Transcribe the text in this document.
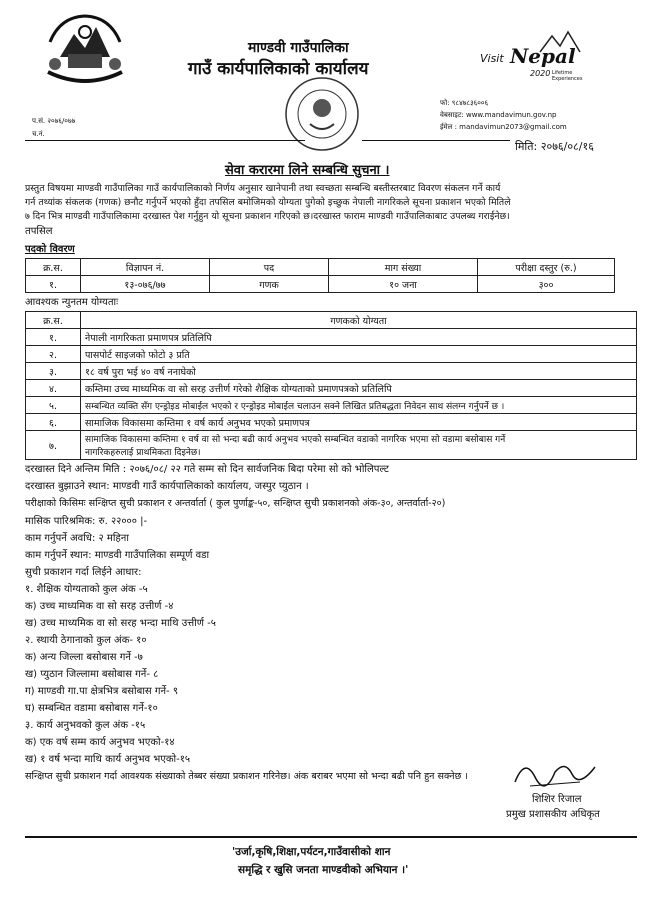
माण्डवी गाउँपालिका
गाउँ कार्यपालिकाको कार्यालय
Visit Nepal
2020 Lifetime Experiences
प.सं. २०७६/०७७
च.नं.
फो: ९८४७८३६००६
वेबसाइट: www.mandavimun.gov.np
ईमेल : mandavimun2073@gmail.com
मिति: २०७६/०८/१६
सेवा करारमा लिने सम्बन्धि सुचना ।
प्रस्तुत विषयमा माण्डवी गाउँपालिका गाउँ कार्यपालिकाको निर्णय अनुसार खानेपानी तथा स्वच्छता सम्बन्धि बस्तीस्तरबाट विवरण संकलन गर्ने कार्य
गर्न तथ्यांक संकलक (गणक) छनौट गर्नुपर्ने भएको हुँदा तपसिल बमोजिमको योग्यता पुगेको इच्छुक नेपाली नागरिकले सूचना प्रकाशन भएको मितिले
७ दिन भित्र माण्डवी गाउँपालिकामा दरखास्त पेश गर्नुहुन यो सूचना प्रकाशन गरिएको छ।दरखास्त फाराम माण्डवी गाउँपालिकाबाट उपलब्ध गराईनेछ।
तपसिल
पदको विवरण
क्र.स.	विज्ञापन नं.	पद	माग संख्या	परीक्षा दस्तुर (रु.)
१.	१३-०७६/७७	गणक	१० जना	३००
आवश्यक न्युनतम योग्यताः
क्र.स.	गणकको योग्यता
१.	नेपाली नागरिकता प्रमाणपत्र प्रतिलिपि
२.	पासपोर्ट साइजको फोटो ३ प्रति
३.	१८ वर्ष पुरा भई ४० वर्ष ननाघेको
४.	कम्तिमा उच्च माध्यमिक वा सो सरह उत्तीर्ण गरेको शैक्षिक योग्यताको प्रमाणपत्रको प्रतिलिपि
५.	सम्बन्धित व्यक्ति सँग एन्ड्रोइड मोबाईल भएको र एन्ड्रोइड मोबाईल चलाउन सक्ने लिखित प्रतिबद्धता निवेदन साथ संलग्न गर्नुपर्ने छ ।
६.	सामाजिक विकासमा कम्तिमा १ वर्ष कार्य अनुभव भएको प्रमाणपत्र
७.	सामाजिक विकासमा कम्तिमा १ वर्ष वा सो भन्दा बढी कार्य अनुभव भएको सम्बन्धित वडाको नागरिक भएमा सो वडामा बसोबास गर्ने
नागरिकहरुलाई प्राथमिकता दिइनेछ।
दरखास्त दिने अन्तिम मिति : २०७६/०८/ २२ गते सम्म सो दिन सार्वजनिक बिदा परेमा सो को भोलिपल्ट
दरखास्त बुझाउने स्थान: माण्डवी गाउँ कार्यपालिकाको कार्यालय, जस्पुर प्युठान ।
परीक्षाको किसिमः सन्क्षिप्त सुची प्रकाशन र अन्तर्वार्ता ( कुल पुर्णाङ्क-५०, सन्क्षिप्त सुची प्रकाशनको अंक-३०, अन्तर्वार्ता-२०)
मासिक पारिश्रमिक: रु. २२००० |-
काम गर्नुपर्ने अवधि: २ महिना
काम गर्नुपर्ने स्थान: माण्डवी गाउँपालिका सम्पूर्ण वडा
सुची प्रकाशन गर्दा लिईने आधार:
१. शैक्षिक योग्यताको कुल अंक -५
क) उच्च माध्यमिक वा सो सरह उत्तीर्ण -४
ख) उच्च माध्यमिक वा सो सरह भन्दा माथि उत्तीर्ण -५
२. स्थायी ठेगानाको कुल अंक- १०
क) अन्य जिल्ला बसोबास गर्ने -७
ख) प्युठान जिल्लामा बसोबास गर्ने- ८
ग) माण्डवी गा.पा क्षेत्रभित्र बसोबास गर्ने- ९
घ) सम्बन्धित वडामा बसोबास गर्ने-१०
३. कार्य अनुभवको कुल अंक -१५
क) एक वर्ष सम्म कार्य अनुभव भएको-१४
ख) १ वर्ष भन्दा माथि कार्य अनुभव भएको-१५
सन्क्षिप्त सुची प्रकाशन गर्दा आवश्यक संख्याको तेब्बर संख्या प्रकाशन गरिनेछ। अंक बराबर भएमा सो भन्दा बढी पनि हुन सक्नेछ ।
शिशिर रिजाल
प्रमुख प्रशासकीय अधिकृत
'उर्जा,कृषि,शिक्षा,पर्यटन,गाउँवासीको शान
समृद्धि र खुसि जनता माण्डवीको अभियान ।'
